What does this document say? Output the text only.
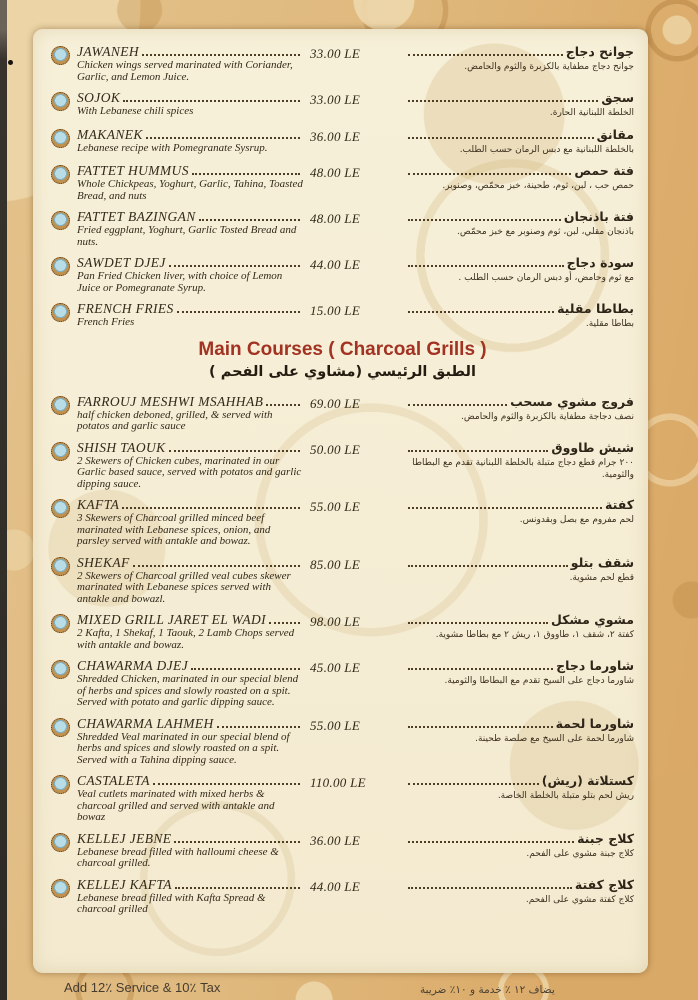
JAWANEH
Chicken wings served marinated with Coriander, Garlic, and Lemon Juice.
33.00 LE	جوانح دجاج
جوانح دجاج مطفاية بالكزبرة والثوم والحامض.
SOJOK
With Lebanese chili spices
33.00 LE	سجق
الخلطة اللبنانية الحارة.
MAKANEK
Lebanese recipe with Pomegranate Sysrup.
36.00 LE	مقانق
بالخلطة اللبنانية مع دبس الرمان حسب الطلب.
FATTET HUMMUS
Whole Chickpeas, Yoghurt, Garlic, Tahina, Toasted Bread, and nuts
48.00 LE	فتة حمص
حمص حب ، لبن، ثوم، طحينة، خبز محمّص، وصنوبر.
FATTET BAZINGAN
Fried eggplant, Yoghurt, Garlic Tosted Bread and nuts.
48.00 LE	فتة باذنجان
باذنجان مقلي، لبن، ثوم وصنوبر مع خبز محمّص.
SAWDET DJEJ
Pan Fried Chicken liver, with choice of Lemon Juice or Pomegranate Syrup.
44.00 LE	سودة دجاج
مع ثوم وحامض، أو دبس الرمان حسب الطلب .
FRENCH FRIES
French Fries
15.00 LE	بطاطا مقلية
بطاطا مقلية.
Main Courses ( Charcoal Grills )
الطبق الرئيسي (مشاوي على الفحم )
FARROUJ MESHWI MSAHHAB
half chicken deboned, grilled, & served with potatos and garlic sauce
69.00 LE	فروج مشوي مسحب
نصف دجاجة مطفاية بالكزبرة والثوم والحامض.
SHISH TAOUK
2 Skewers of Chicken cubes, marinated in our Garlic based sauce, served with potatos and garlic dipping sauce.
50.00 LE	شيش طاووق
٢٠٠ جرام قطع دجاج متبلة بالخلطة اللبنانية تقدم مع البطاطا والثومية.
KAFTA
3 Skewers of Charcoal grilled minced beef marinated with Lebanese spices, onion, and parsley served with antakle and bowaz.
55.00 LE	كفتة
لحم مفروم مع بصل وبقدونس.
SHEKAF
2 Skewers of Charcoal grilled veal cubes skewer marinated with Lebanese spices served with antakle and bowazl.
85.00 LE	شقف بتلو
قطع لحم مشوية.
MIXED GRILL JARET EL WADI
2 Kafta, 1 Shekaf, 1 Taouk, 2 Lamb Chops served with antakle and bowaz.
98.00 LE	مشوي مشكل
كفتة ٢، شقف ١، طاووق ١، ريش ٢ مع بطاطا مشوية.
CHAWARMA DJEJ
Shredded Chicken, marinated in our special blend of herbs and spices and slowly roasted on a spit. Served with potato and garlic dipping sauce.
45.00 LE	شاورما دجاج
شاورما دجاج على السيخ تقدم مع البطاطا والثومية.
CHAWARMA LAHMEH
Shredded Veal marinated in our special blend of herbs and spices and slowly roasted on a spit. Served with a Tahina dipping sauce.
55.00 LE	شاورما لحمة
شاورما لحمة على السيخ مع صلصة طحينة.
CASTALETA
Veal cutlets marinated with mixed herbs & charcoal grilled and served with antakle and bowaz
110.00 LE	كستلاتة (ريش)
ريش لحم بتلو متبلة بالخلطة الخاصة.
KELLEJ JEBNE
Lebanese bread filled with halloumi cheese & charcoal grilled.
36.00 LE	كلاج جبنة
كلاج جبنة مشوي على الفحم.
KELLEJ KAFTA
Lebanese bread filled with Kafta Spread & charcoal grilled
44.00 LE	كلاج كفتة
كلاج كفتة مشوي على الفحم.
Add 12٪ Service & 10٪ Tax	يضاف ١٢ ٪ خدمة و ١٠٪ ضريبة
